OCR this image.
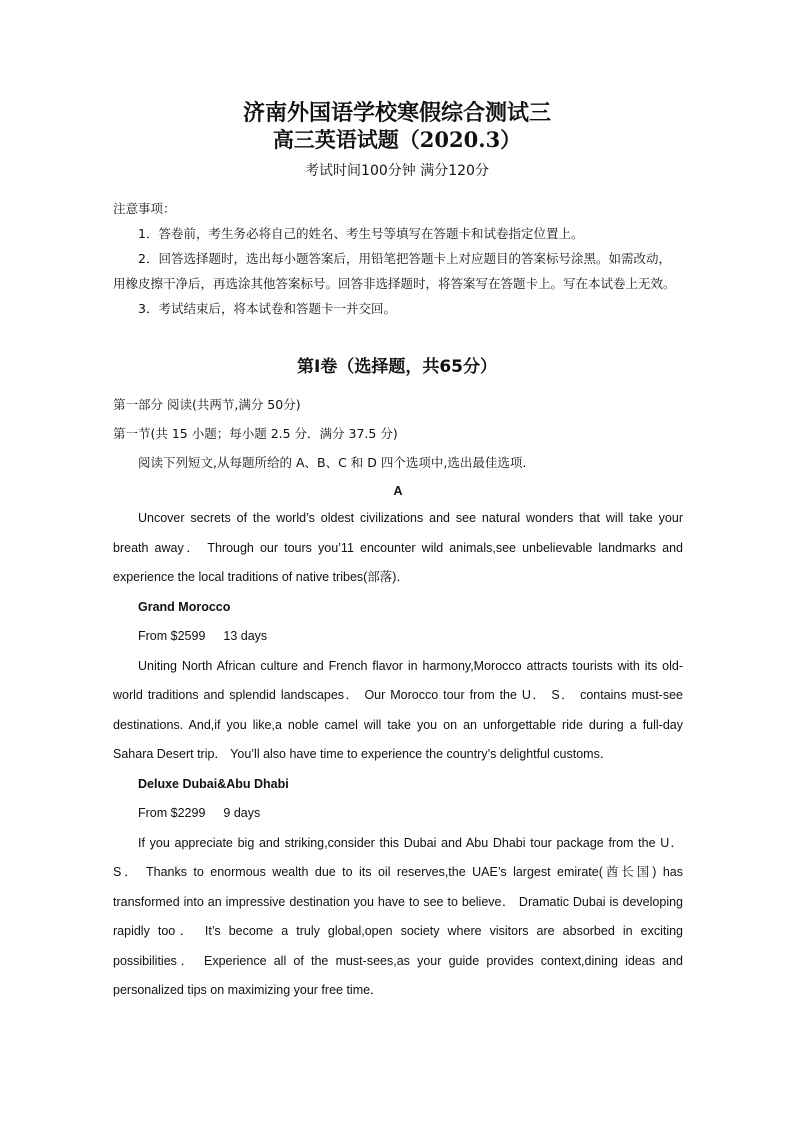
济南外国语学校寒假综合测试三
高三英语试题（2020.3）
考试时间100分钟 满分120分

注意事项：

1．答卷前，考生务必将自己的姓名、考生号等填写在答题卡和试卷指定位置上。

2．回答选择题时，选出每小题答案后，用铅笔把答题卡上对应题目的答案标号涂黑。如需改动，用橡皮擦干净后，再选涂其他答案标号。回答非选择题时，将答案写在答题卡上。写在本试卷上无效。

3．考试结束后，将本试卷和答题卡一并交回。

第Ⅰ卷（选择题，共65分）

第一部分 阅读(共两节,满分 50分)

第一节(共 15 小题；每小题 2.5 分．满分 37.5 分)

阅读下列短文,从每题所给的 A、B、C 和 D 四个选项中,选出最佳选项.

A

Uncover secrets of the world’s oldest civilizations and see natural wonders that will take your breath away． Through our tours you’11 encounter wild animals,see unbelievable landmarks and experience the local traditions of native tribes(部落)．

Grand Morocco

From $2599 13 days

Uniting North African culture and French flavor in harmony,Morocco attracts tourists with its old-world traditions and splendid landscapes． Our Morocco tour from the U． S． contains must-see destinations. And,if you like,a noble camel will take you on an unforgettable ride during a full-day Sahara Desert trip． You’ll also have time to experience the country’s delightful customs．

Deluxe Dubai&Abu Dhabi

From $2299 9 days

If you appreciate big and striking,consider this Dubai and Abu Dhabi tour package from the U． S． Thanks to enormous wealth due to its oil reserves,the UAE’s largest emirate(酋长国) has transformed into an impressive destination you have to see to believe． Dramatic Dubai is developing rapidly too． It’s become a truly global,open society where visitors are absorbed in exciting possibilities． Experience all of the must-sees,as your guide provides context,dining ideas and personalized tips on maximizing your free time．
